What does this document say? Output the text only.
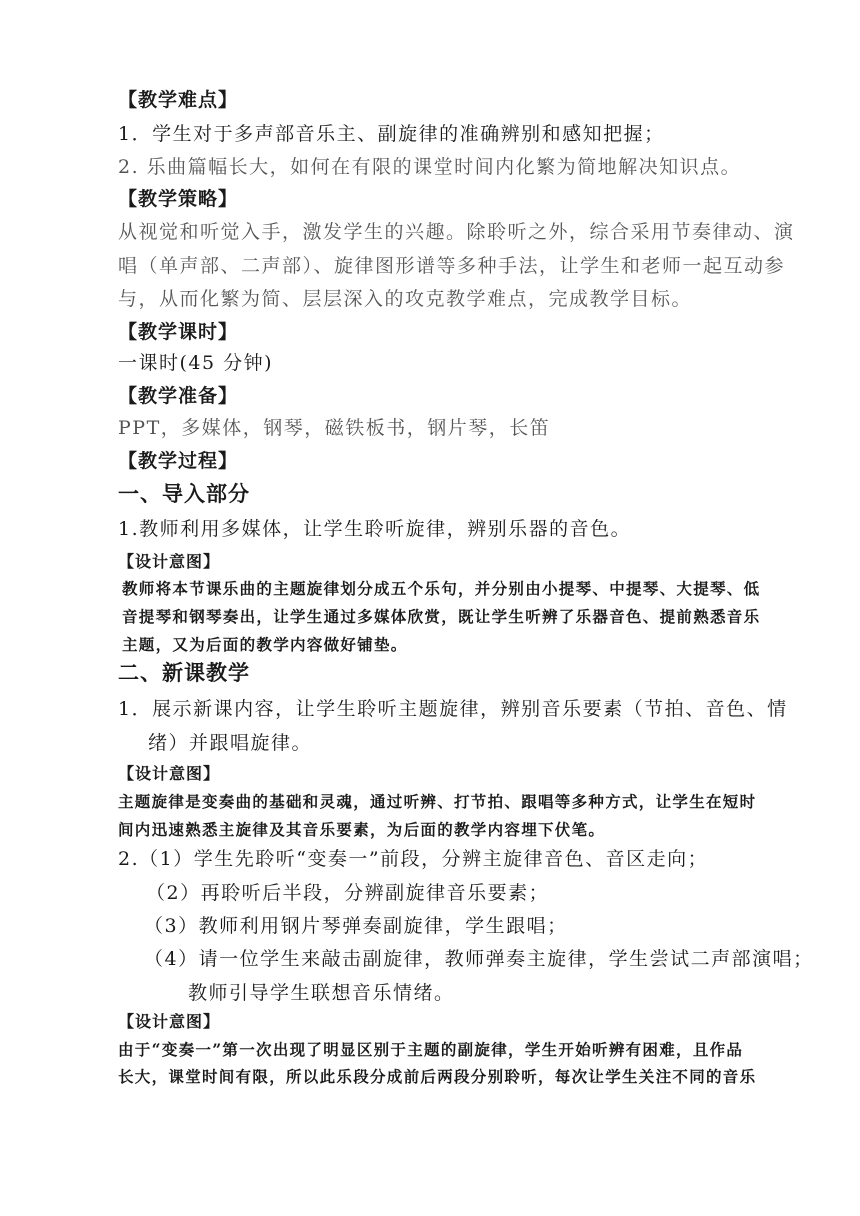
【教学难点】
1．学生对于多声部音乐主、副旋律的准确辨别和感知把握；
2. 乐曲篇幅长大，如何在有限的课堂时间内化繁为简地解决知识点。
【教学策略】
从视觉和听觉入手，激发学生的兴趣。除聆听之外，综合采用节奏律动、演
唱（单声部、二声部）、旋律图形谱等多种手法，让学生和老师一起互动参
与，从而化繁为简、层层深入的攻克教学难点，完成教学目标。
【教学课时】
一课时(45 分钟)
【教学准备】
PPT，多媒体，钢琴，磁铁板书，钢片琴，长笛
【教学过程】
一、导入部分
1.教师利用多媒体，让学生聆听旋律，辨别乐器的音色。
【设计意图】
教师将本节课乐曲的主题旋律划分成五个乐句，并分别由小提琴、中提琴、大提琴、低
音提琴和钢琴奏出，让学生通过多媒体欣赏，既让学生听辨了乐器音色、提前熟悉音乐
主题，又为后面的教学内容做好铺垫。
二、新课教学
1．展示新课内容，让学生聆听主题旋律，辨别音乐要素（节拍、音色、情
绪）并跟唱旋律。
【设计意图】
主题旋律是变奏曲的基础和灵魂，通过听辨、打节拍、跟唱等多种方式，让学生在短时
间内迅速熟悉主旋律及其音乐要素，为后面的教学内容埋下伏笔。
2.（1）学生先聆听“变奏一”前段，分辨主旋律音色、音区走向；
（2）再聆听后半段，分辨副旋律音乐要素；
（3）教师利用钢片琴弹奏副旋律，学生跟唱；
（4）请一位学生来敲击副旋律，教师弹奏主旋律，学生尝试二声部演唱；
教师引导学生联想音乐情绪。
【设计意图】
由于“变奏一”第一次出现了明显区别于主题的副旋律，学生开始听辨有困难，且作品
长大，课堂时间有限，所以此乐段分成前后两段分别聆听，每次让学生关注不同的音乐
